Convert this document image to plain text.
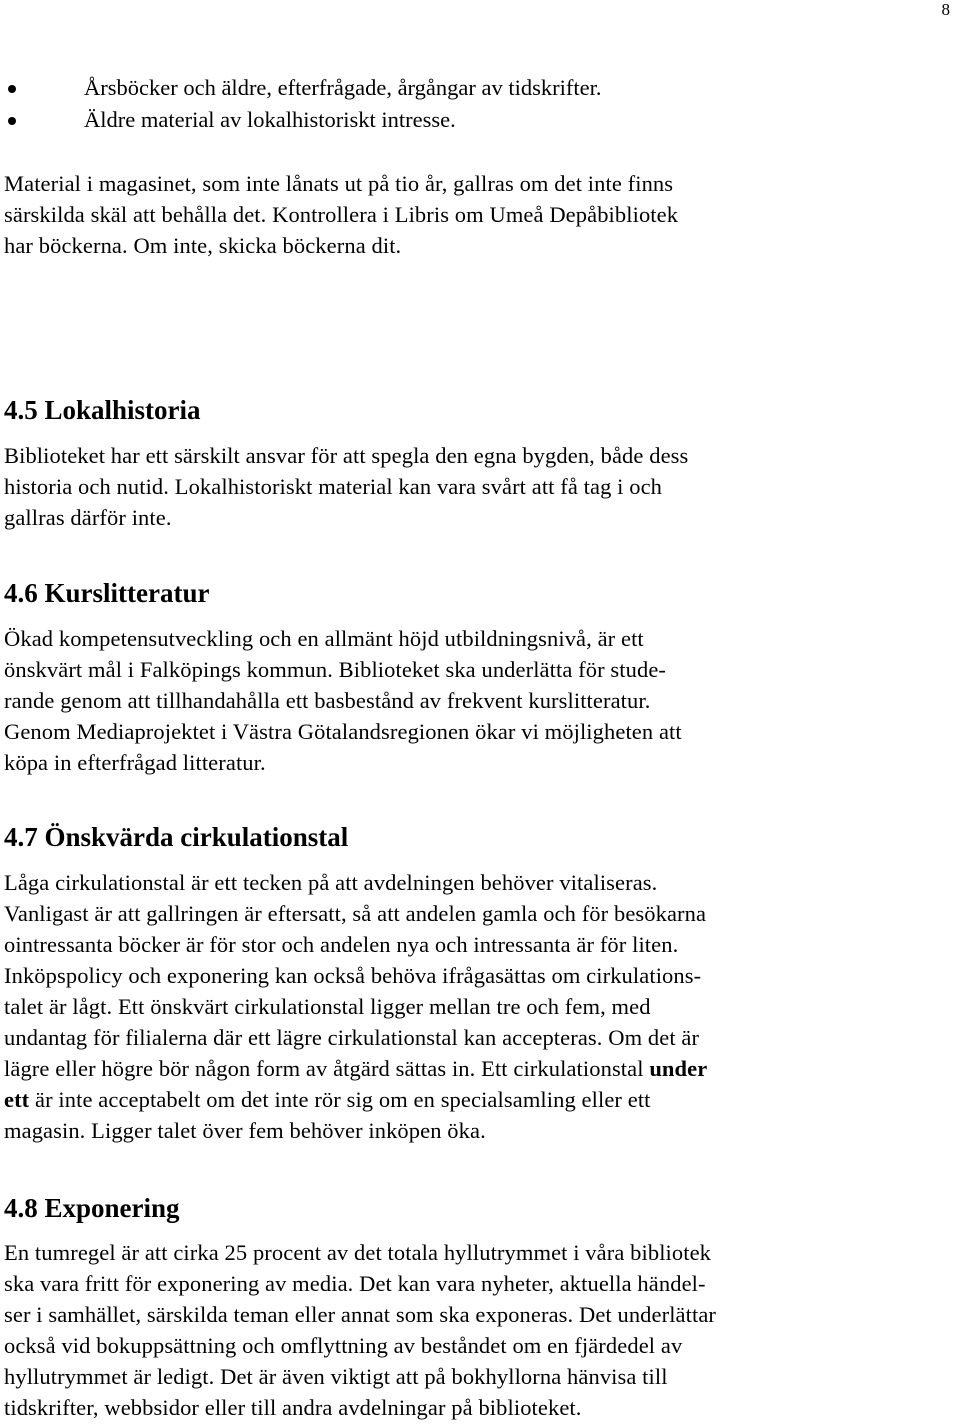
8
Årsböcker och äldre, efterfrågade, årgångar av tidskrifter.
Äldre material av lokalhistoriskt intresse.
Material i magasinet, som inte lånats ut på tio år, gallras om det inte finns
särskilda skäl att behålla det. Kontrollera i Libris om Umeå Depåbibliotek
har böckerna. Om inte, skicka böckerna dit.
4.5 Lokalhistoria
Biblioteket har ett särskilt ansvar för att spegla den egna bygden, både dess
historia och nutid. Lokalhistoriskt material kan vara svårt att få tag i och
gallras därför inte.
4.6 Kurslitteratur
Ökad kompetensutveckling och en allmänt höjd utbildningsnivå, är ett
önskvärt mål i Falköpings kommun. Biblioteket ska underlätta för stude-
rande genom att tillhandahålla ett basbestånd av frekvent kurslitteratur.
Genom Mediaprojektet i Västra Götalandsregionen ökar vi möjligheten att
köpa in efterfrågad litteratur.
4.7 Önskvärda cirkulationstal
Låga cirkulationstal är ett tecken på att avdelningen behöver vitaliseras.
Vanligast är att gallringen är eftersatt, så att andelen gamla och för besökarna
ointressanta böcker är för stor och andelen nya och intressanta är för liten.
Inköpspolicy och exponering kan också behöva ifrågasättas om cirkulations-
talet är lågt. Ett önskvärt cirkulationstal ligger mellan tre och fem, med
undantag för filialerna där ett lägre cirkulationstal kan accepteras. Om det är
lägre eller högre bör någon form av åtgärd sättas in. Ett cirkulationstal under
ett är inte acceptabelt om det inte rör sig om en specialsamling eller ett
magasin. Ligger talet över fem behöver inköpen öka.
4.8 Exponering
En tumregel är att cirka 25 procent av det totala hyllutrymmet i våra bibliotek
ska vara fritt för exponering av media. Det kan vara nyheter, aktuella händel-
ser i samhället, särskilda teman eller annat som ska exponeras. Det underlättar
också vid bokuppsättning och omflyttning av beståndet om en fjärdedel av
hyllutrymmet är ledigt. Det är även viktigt att på bokhyllorna hänvisa till
tidskrifter, webbsidor eller till andra avdelningar på biblioteket.
